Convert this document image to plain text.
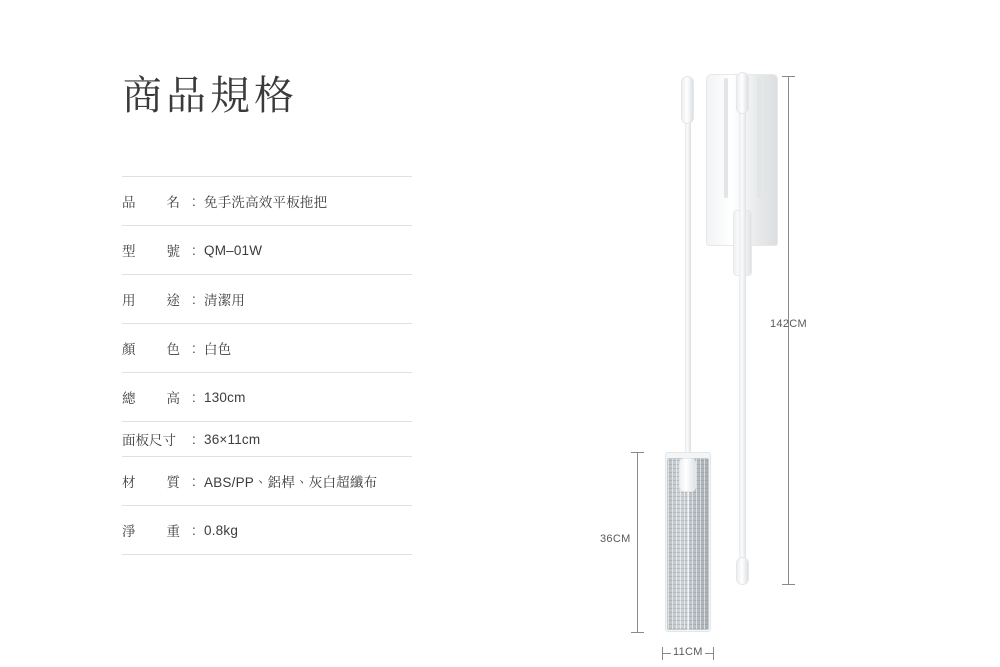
商品規格
品 名	:	免手洗高效平板拖把

型 號	:	QM–01W

用 途	:	清潔用

顏 色	:	白色

總 高	:	130cm
面板尺寸	:	36×11cm

材 質	:	ABS/PP、鋁桿、灰白超纖布

淨 重	:	0.8kg
142CM
36CM
11CM
